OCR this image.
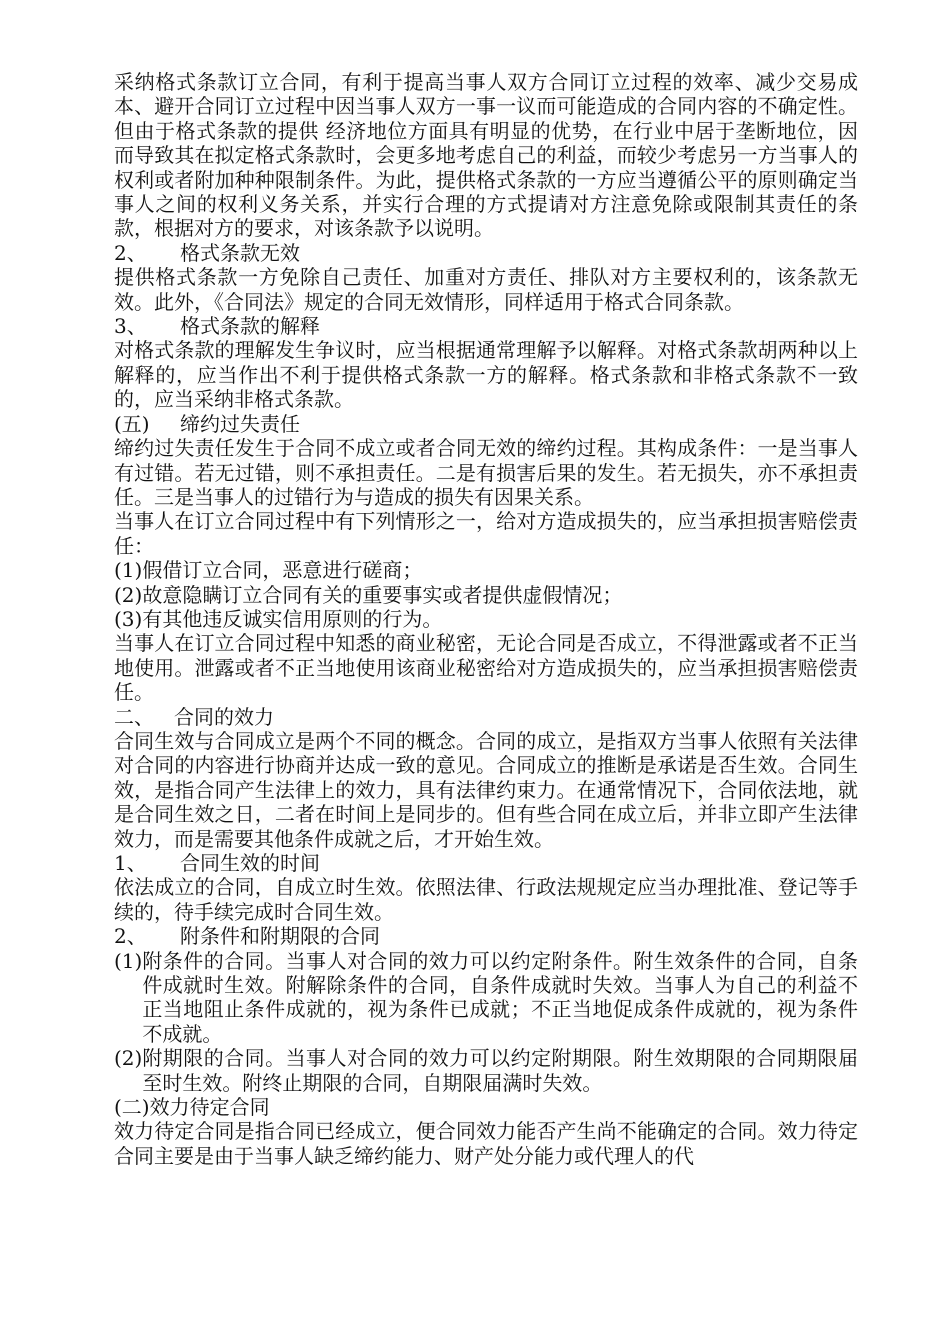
采纳格式条款订立合同，有利于提高当事人双方合同订立过程的效率、减少交易成本、避开合同订立过程中因当事人双方一事一议而可能造成的合同内容的不确定性。但由于格式条款的提供 经济地位方面具有明显的优势，在行业中居于垄断地位，因而导致其在拟定格式条款时，会更多地考虑自己的利益，而较少考虑另一方当事人的权利或者附加种种限制条件。为此，提供格式条款的一方应当遵循公平的原则确定当事人之间的权利义务关系，并实行合理的方式提请对方注意免除或限制其责任的条款，根据对方的要求，对该条款予以说明。

2、 格式条款无效

提供格式条款一方免除自己责任、加重对方责任、排队对方主要权利的，该条款无效。此外，《合同法》规定的合同无效情形，同样适用于格式合同条款。

3、 格式条款的解释

对格式条款的理解发生争议时，应当根据通常理解予以解释。对格式条款胡两种以上解释的，应当作出不利于提供格式条款一方的解释。格式条款和非格式条款不一致的，应当采纳非格式条款。

(五) 缔约过失责任

缔约过失责任发生于合同不成立或者合同无效的缔约过程。其构成条件：一是当事人有过错。若无过错，则不承担责任。二是有损害后果的发生。若无损失，亦不承担责任。三是当事人的过错行为与造成的损失有因果关系。

当事人在订立合同过程中有下列情形之一，给对方造成损失的，应当承担损害赔偿责任：

(1) 假借订立合同，恶意进行磋商；
(2) 故意隐瞒订立合同有关的重要事实或者提供虚假情况；
(3) 有其他违反诚实信用原则的行为。

当事人在订立合同过程中知悉的商业秘密，无论合同是否成立，不得泄露或者不正当地使用。泄露或者不正当地使用该商业秘密给对方造成损失的，应当承担损害赔偿责任。

二、 合同的效力

合同生效与合同成立是两个不同的概念。合同的成立，是指双方当事人依照有关法律对合同的内容进行协商并达成一致的意见。合同成立的推断是承诺是否生效。合同生效，是指合同产生法律上的效力，具有法律约束力。在通常情况下，合同依法地，就是合同生效之日，二者在时间上是同步的。但有些合同在成立后，并非立即产生法律效力，而是需要其他条件成就之后，才开始生效。

1、 合同生效的时间

依法成立的合同，自成立时生效。依照法律、行政法规规定应当办理批准、登记等手续的，待手续完成时合同生效。

2、 附条件和附期限的合同

(1) 附条件的合同。当事人对合同的效力可以约定附条件。附生效条件的合同，自条件成就时生效。附解除条件的合同，自条件成就时失效。当事人为自己的利益不正当地阻止条件成就的，视为条件已成就；不正当地促成条件成就的，视为条件不成就。
(2) 附期限的合同。当事人对合同的效力可以约定附期限。附生效期限的合同期限届至时生效。附终止期限的合同，自期限届满时失效。

(二)效力待定合同

效力待定合同是指合同已经成立，便合同效力能否产生尚不能确定的合同。效力待定合同主要是由于当事人缺乏缔约能力、财产处分能力或代理人的代
